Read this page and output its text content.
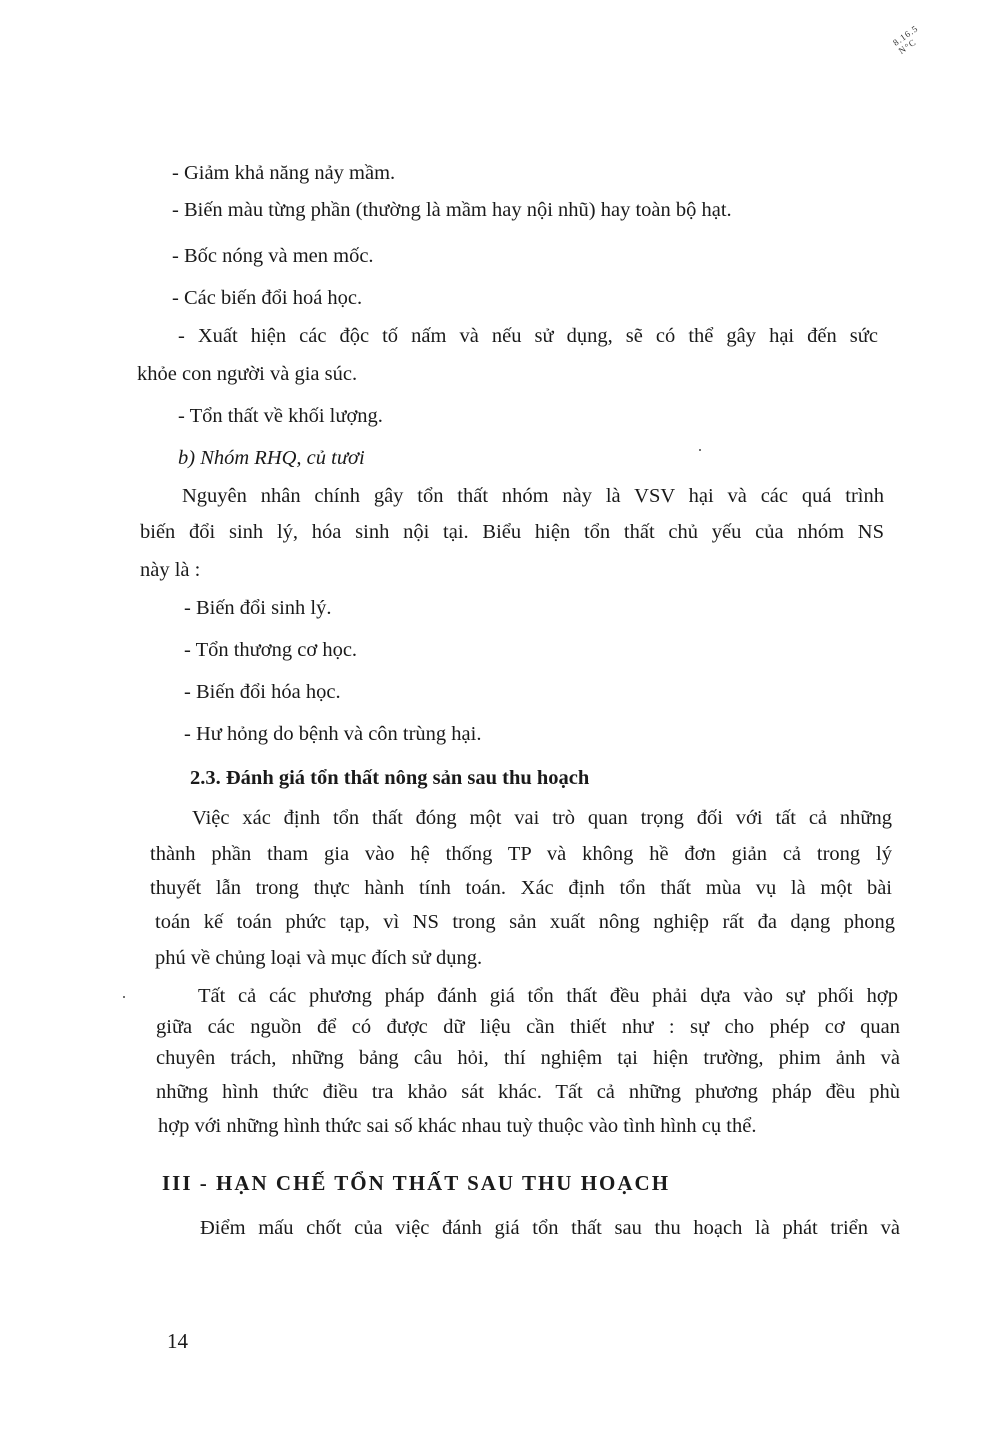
8.16.5 N°C

- Giảm khả năng nảy mầm.

- Biến màu từng phần (thường là mầm hay nội nhũ) hay toàn bộ hạt.

- Bốc nóng và men mốc.

- Các biến đổi hoá học.

- Xuất hiện các độc tố nấm và nếu sử dụng, sẽ có thể gây hại đến sức

khỏe con người và gia súc.

- Tổn thất về khối lượng.

b) Nhóm RHQ, củ tươi

Nguyên nhân chính gây tổn thất nhóm này là VSV hại và các quá trình

biến đổi sinh lý, hóa sinh nội tại. Biểu hiện tổn thất chủ yếu của nhóm NS

này là :

- Biến đổi sinh lý.

- Tổn thương cơ học.

- Biến đổi hóa học.

- Hư hỏng do bệnh và côn trùng hại.

2.3. Đánh giá tổn thất nông sản sau thu hoạch

Việc xác định tổn thất đóng một vai trò quan trọng đối với tất cả những

thành phần tham gia vào hệ thống TP và không hề đơn giản cả trong lý

thuyết lẫn trong thực hành tính toán. Xác định tổn thất mùa vụ là một bài

toán kế toán phức tạp, vì NS trong sản xuất nông nghiệp rất đa dạng phong

phú về chủng loại và mục đích sử dụng.

Tất cả các phương pháp đánh giá tổn thất đều phải dựa vào sự phối hợp

giữa các nguồn để có được dữ liệu cần thiết như : sự cho phép cơ quan

chuyên trách, những bảng câu hỏi, thí nghiệm tại hiện trường, phim ảnh và

những hình thức điều tra khảo sát khác. Tất cả những phương pháp đều phù

hợp với những hình thức sai số khác nhau tuỳ thuộc vào tình hình cụ thể.

III - HẠN CHẾ TỔN THẤT SAU THU HOẠCH

Điểm mấu chốt của việc đánh giá tổn thất sau thu hoạch là phát triển và

14
